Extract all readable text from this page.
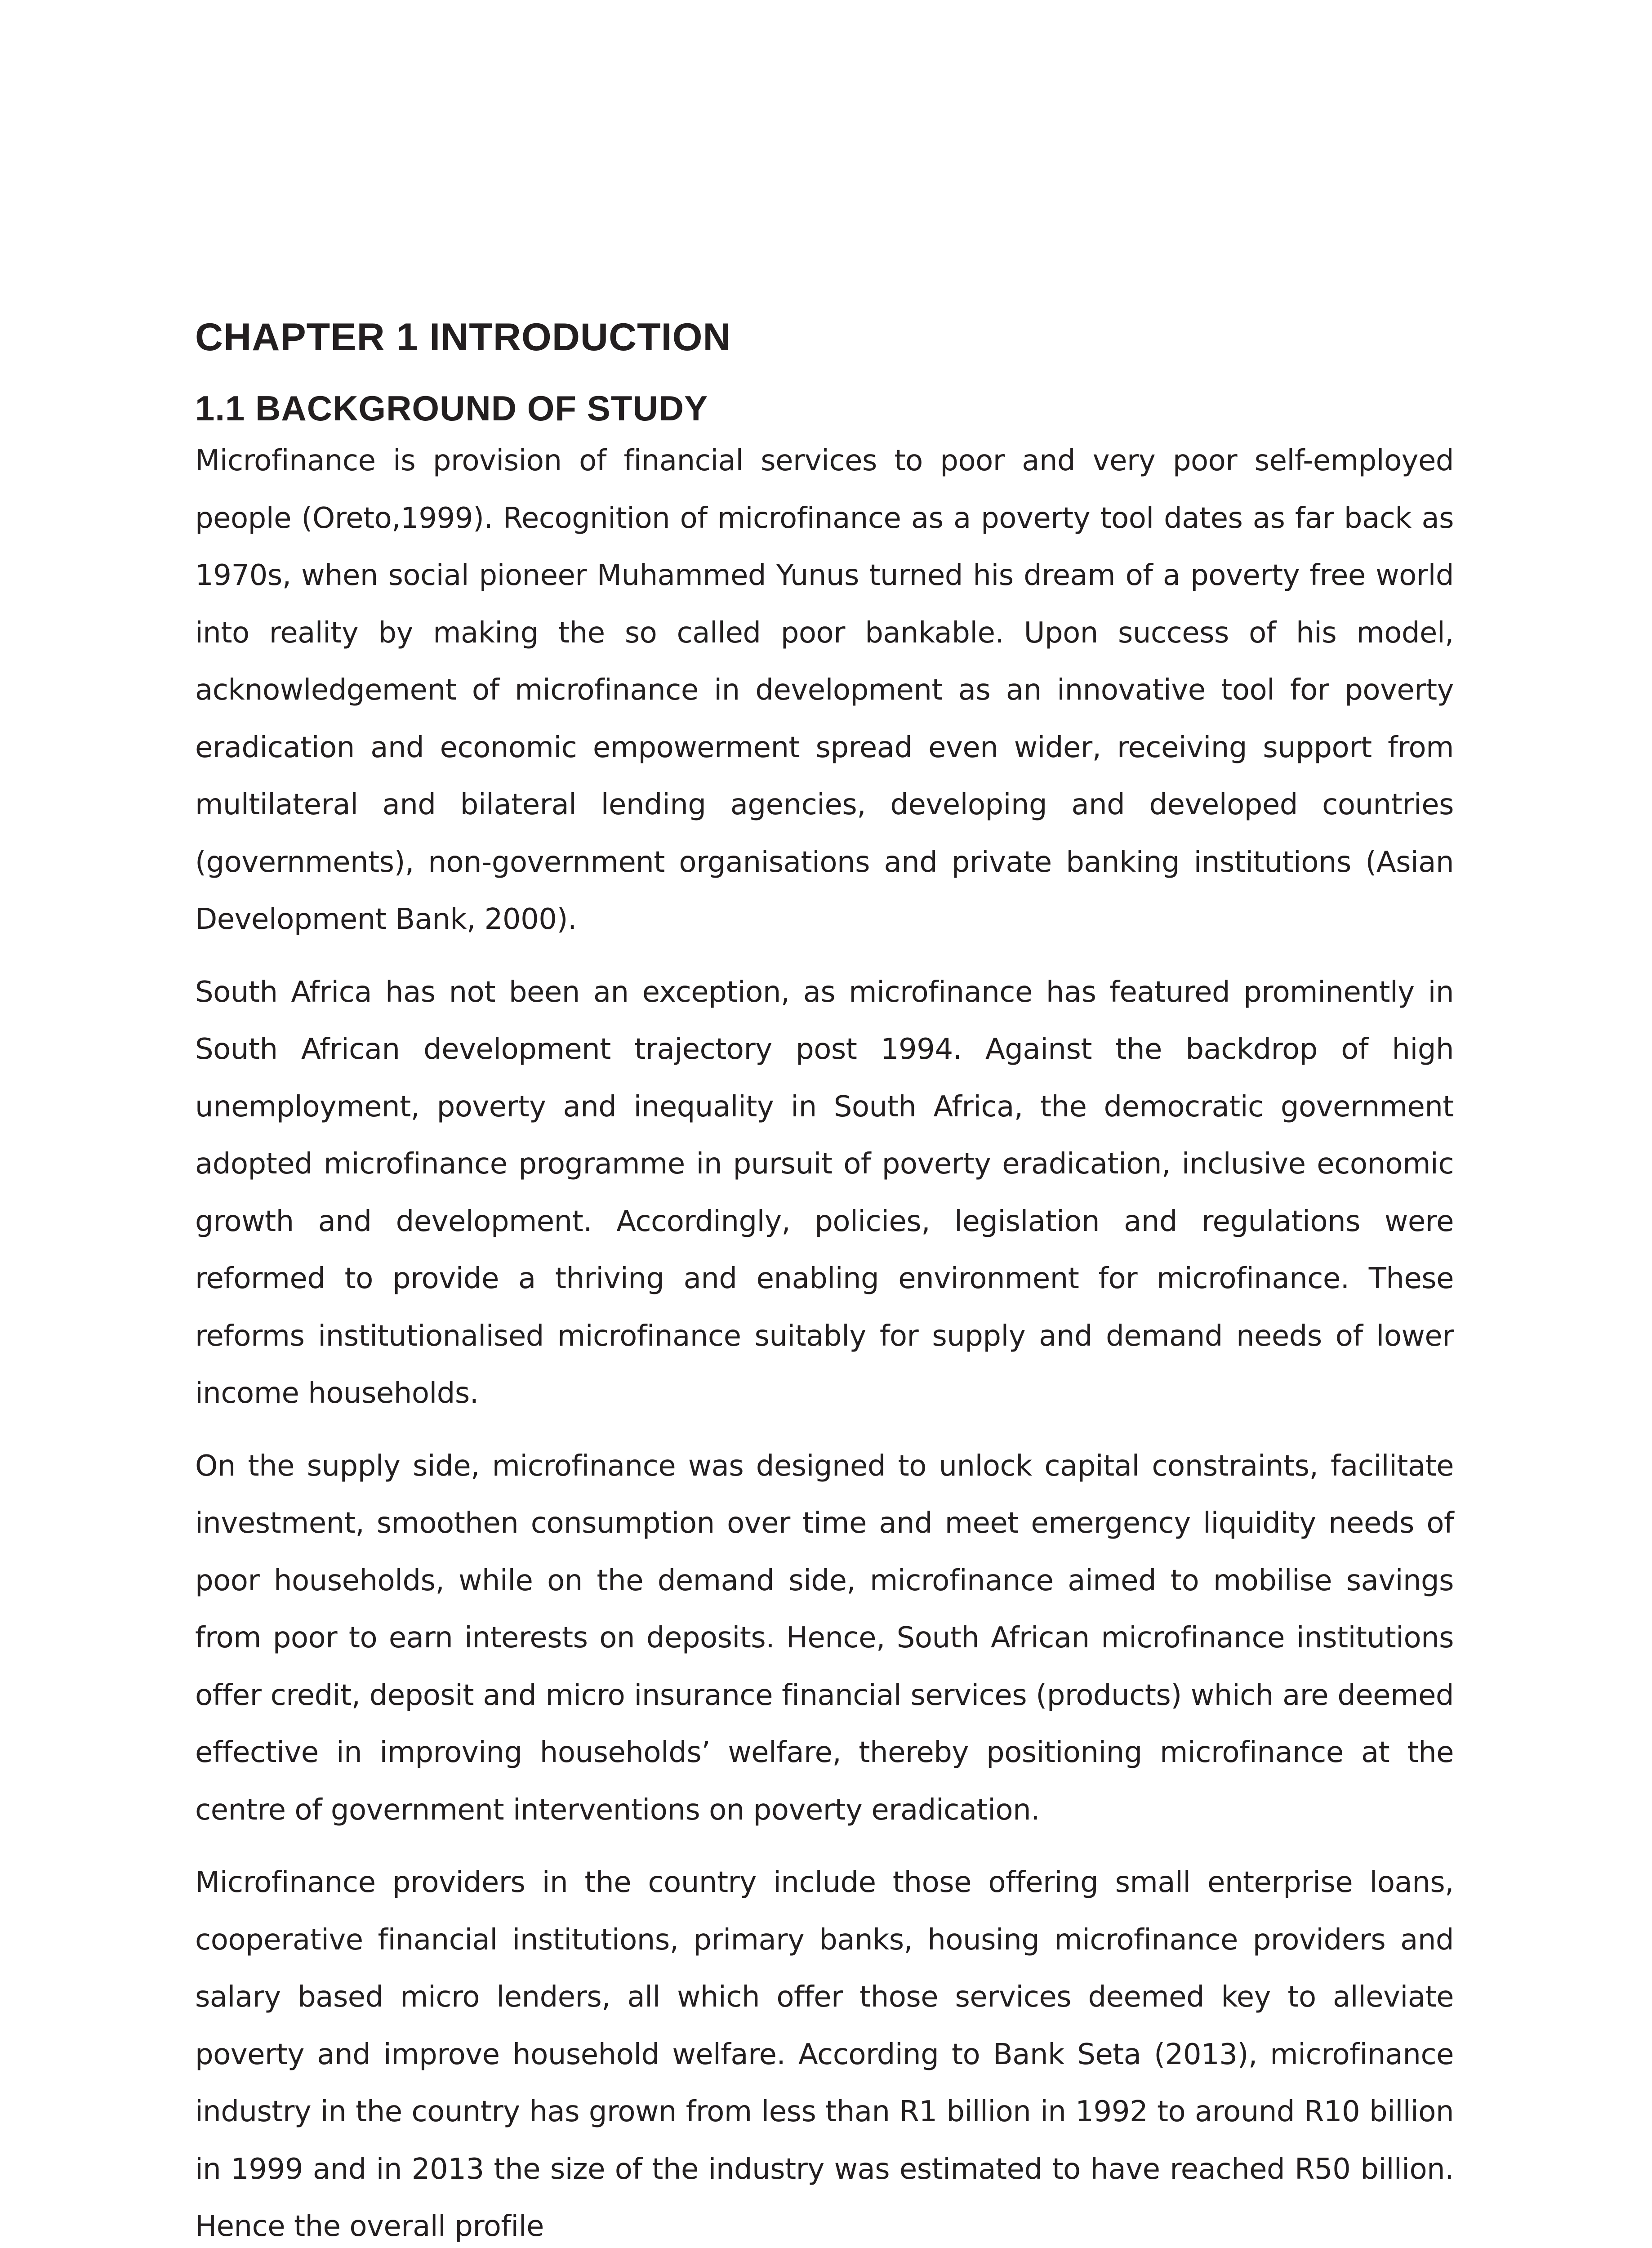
CHAPTER 1 INTRODUCTION
1.1 BACKGROUND OF STUDY

Microfinance is provision of financial services to poor and very poor self-employed people (Oreto,1999). Recognition of microfinance as a poverty tool dates as far back as 1970s, when social pioneer Muhammed Yunus turned his dream of a poverty free world into reality by making the so called poor bankable. Upon success of his model, acknowledgement of microfinance in development as an innovative tool for poverty eradication and economic empowerment spread even wider, receiving support from multilateral and bilateral lending agencies, developing and developed countries (governments), non-government organisations and private banking institutions (Asian Development Bank, 2000).

South Africa has not been an exception, as microfinance has featured prominently in South African development trajectory post 1994. Against the backdrop of high unemployment, poverty and inequality in South Africa, the democratic government adopted microfinance programme in pursuit of poverty eradication, inclusive economic growth and development. Accordingly, policies, legislation and regulations were reformed to provide a thriving and enabling environment for microfinance. These reforms institutionalised microfinance suitably for supply and demand needs of lower income households.

On the supply side, microfinance was designed to unlock capital constraints, facilitate investment, smoothen consumption over time and meet emergency liquidity needs of poor households, while on the demand side, microfinance aimed to mobilise savings from poor to earn interests on deposits. Hence, South African microfinance institutions offer credit, deposit and micro insurance financial services (products) which are deemed effective in improving households’ welfare, thereby positioning microfinance at the centre of government interventions on poverty eradication.

Microfinance providers in the country include those offering small enterprise loans, cooperative financial institutions, primary banks, housing microfinance providers and salary based micro lenders, all which offer those services deemed key to alleviate poverty and improve household welfare. According to Bank Seta (2013), microfinance industry in the country has grown from less than R1 billion in 1992 to around R10 billion in 1999 and in 2013 the size of the industry was estimated to have reached R50 billion. Hence the overall profile
